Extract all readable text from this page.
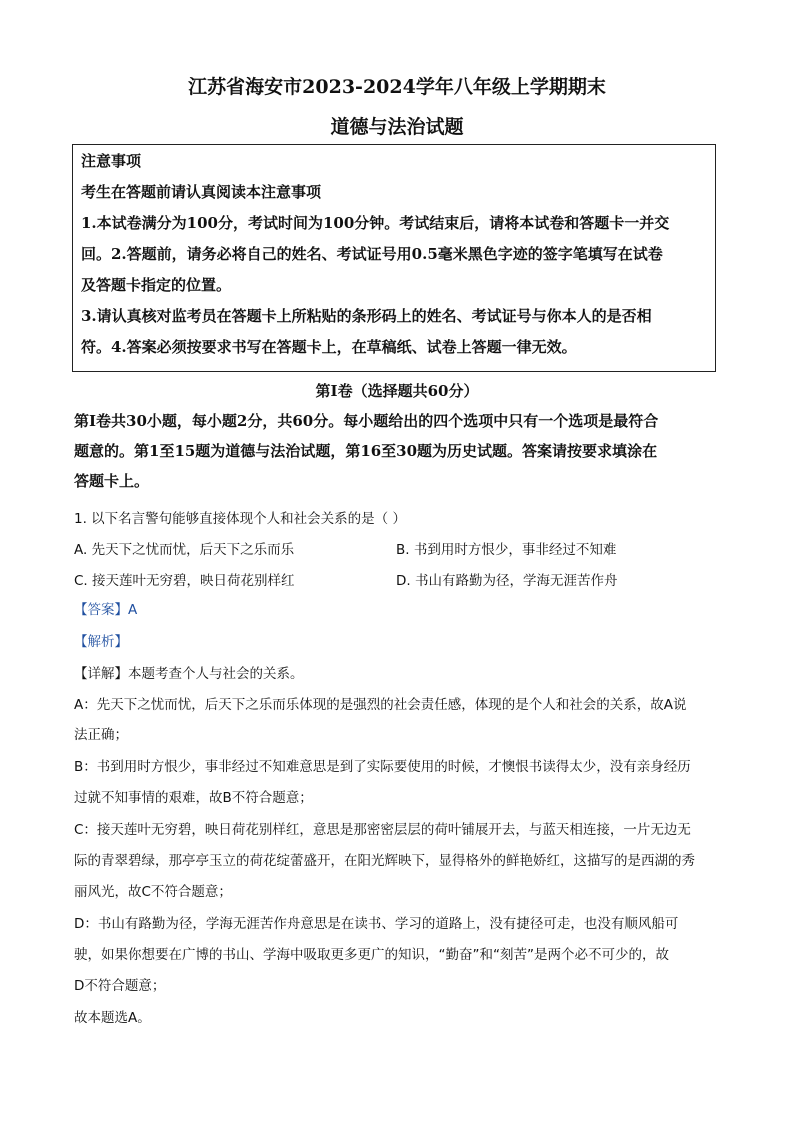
江苏省海安市2023-2024学年八年级上学期期末
道德与法治试题
注意事项
考生在答题前请认真阅读本注意事项
1.本试卷满分为100分，考试时间为100分钟。考试结束后，请将本试卷和答题卡一并交
回。2.答题前，请务必将自己的姓名、考试证号用0.5毫米黑色字迹的签字笔填写在试卷
及答题卡指定的位置。
3.请认真核对监考员在答题卡上所粘贴的条形码上的姓名、考试证号与你本人的是否相
符。4.答案必须按要求书写在答题卡上，在草稿纸、试卷上答题一律无效。
第Ⅰ卷（选择题共60分）
第Ⅰ卷共30小题，每小题2分，共60分。每小题给出的四个选项中只有一个选项是最符合
题意的。第1至15题为道德与法治试题，第16至30题为历史试题。答案请按要求填涂在
答题卡上。
1. 以下名言警句能够直接体现个人和社会关系的是（ ）
A. 先天下之忧而忧，后天下之乐而乐	B. 书到用时方恨少，事非经过不知难
C. 接天莲叶无穷碧，映日荷花别样红	D. 书山有路勤为径，学海无涯苦作舟
【答案】A
【解析】
【详解】本题考查个人与社会的关系。
A：先天下之忧而忧，后天下之乐而乐体现的是强烈的社会责任感，体现的是个人和社会的关系，故A说
法正确；
B：书到用时方恨少，事非经过不知难意思是到了实际要使用的时候，才懊恨书读得太少，没有亲身经历
过就不知事情的艰难，故B不符合题意；
C：接天莲叶无穷碧，映日荷花别样红，意思是那密密层层的荷叶铺展开去，与蓝天相连接，一片无边无
际的青翠碧绿，那亭亭玉立的荷花绽蕾盛开，在阳光辉映下，显得格外的鲜艳娇红，这描写的是西湖的秀
丽风光，故C不符合题意；
D：书山有路勤为径，学海无涯苦作舟意思是在读书、学习的道路上，没有捷径可走，也没有顺风船可
驶，如果你想要在广博的书山、学海中吸取更多更广的知识，“勤奋”和“刻苦”是两个必不可少的，故
D不符合题意；
故本题选A。
